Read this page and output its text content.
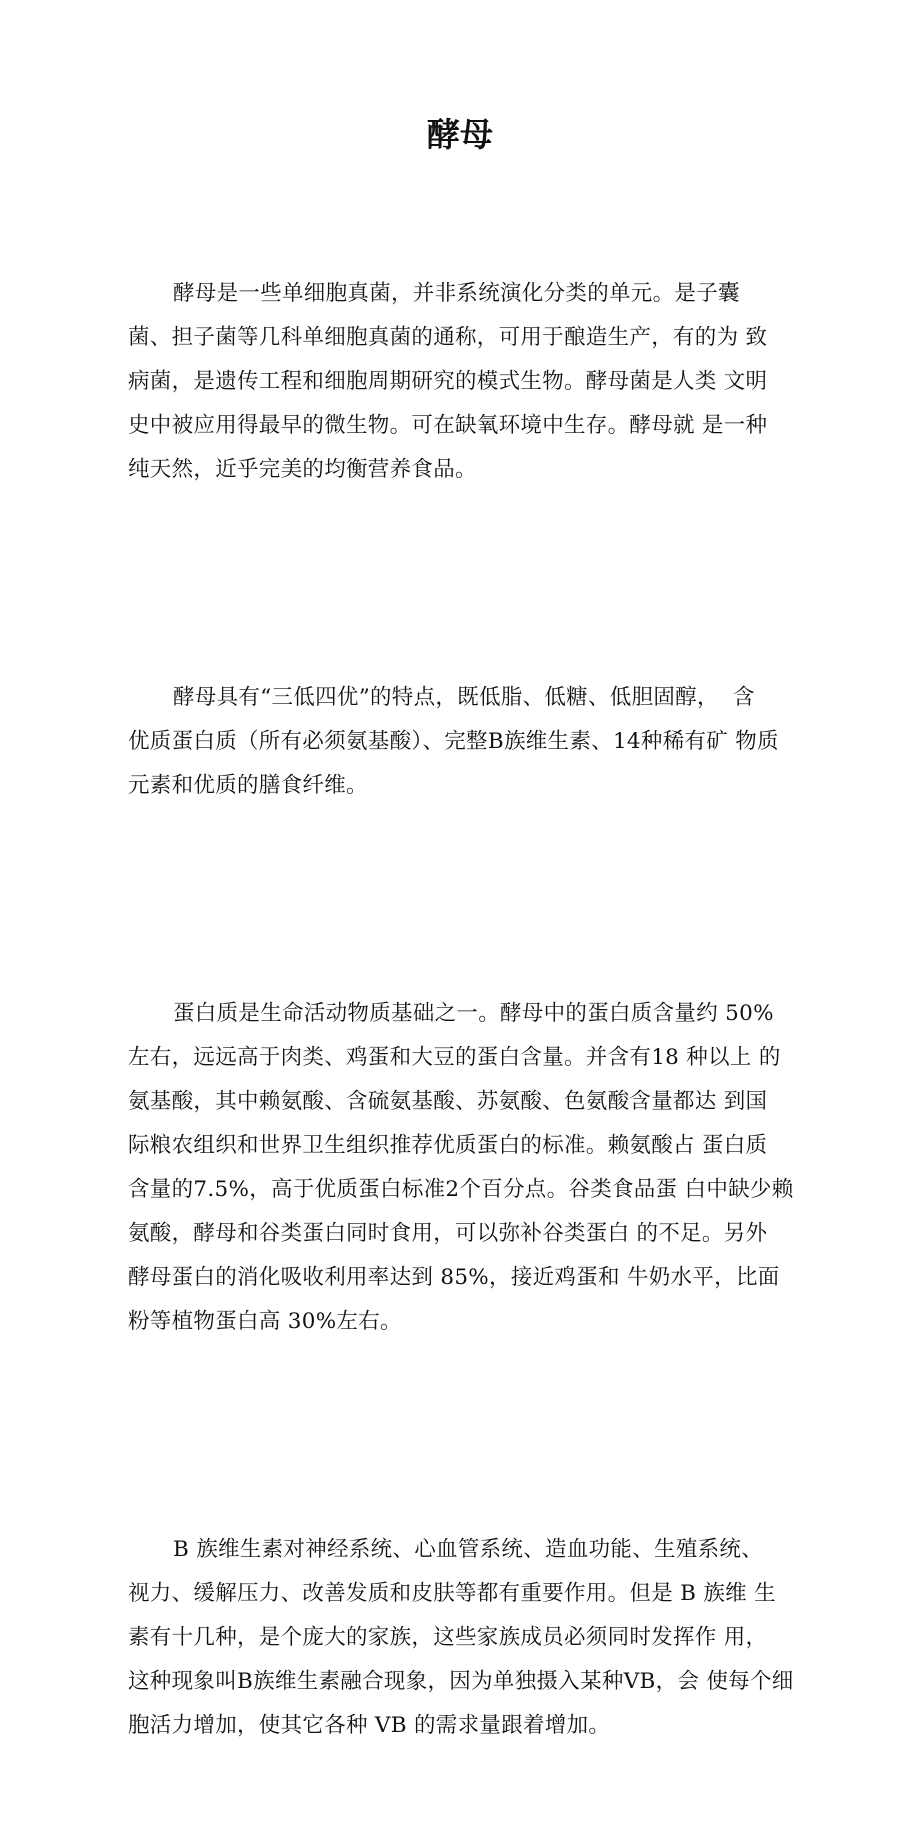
酵母

酵母是一些单细胞真菌，并非系统演化分类的单元。是子囊
菌、担子菌等几科单细胞真菌的通称，可用于酿造生产，有的为 致
病菌，是遗传工程和细胞周期研究的模式生物。酵母菌是人类 文明
史中被应用得最早的微生物。可在缺氧环境中生存。酵母就 是一种
纯天然，近乎完美的均衡营养食品。

酵母具有“三低四优”的特点，既低脂、低糖、低胆固醇，  含
优质蛋白质（所有必须氨基酸）、完整B族维生素、14种稀有矿 物质
元素和优质的膳食纤维。

蛋白质是生命活动物质基础之一。酵母中的蛋白质含量约 50%
左右，远远高于肉类、鸡蛋和大豆的蛋白含量。并含有18 种以上 的
氨基酸，其中赖氨酸、含硫氨基酸、苏氨酸、色氨酸含量都达 到国
际粮农组织和世界卫生组织推荐优质蛋白的标准。赖氨酸占 蛋白质
含量的7.5%，高于优质蛋白标准2个百分点。谷类食品蛋 白中缺少赖
氨酸，酵母和谷类蛋白同时食用，可以弥补谷类蛋白 的不足。另外
酵母蛋白的消化吸收利用率达到 85%，接近鸡蛋和 牛奶水平，比面
粉等植物蛋白高 30%左右。

B 族维生素对神经系统、心血管系统、造血功能、生殖系统、
视力、缓解压力、改善发质和皮肤等都有重要作用。但是 B 族维 生
素有十几种，是个庞大的家族，这些家族成员必须同时发挥作 用，
这种现象叫B族维生素融合现象，因为单独摄入某种VB，会 使每个细
胞活力增加，使其它各种 VB 的需求量跟着增加。
